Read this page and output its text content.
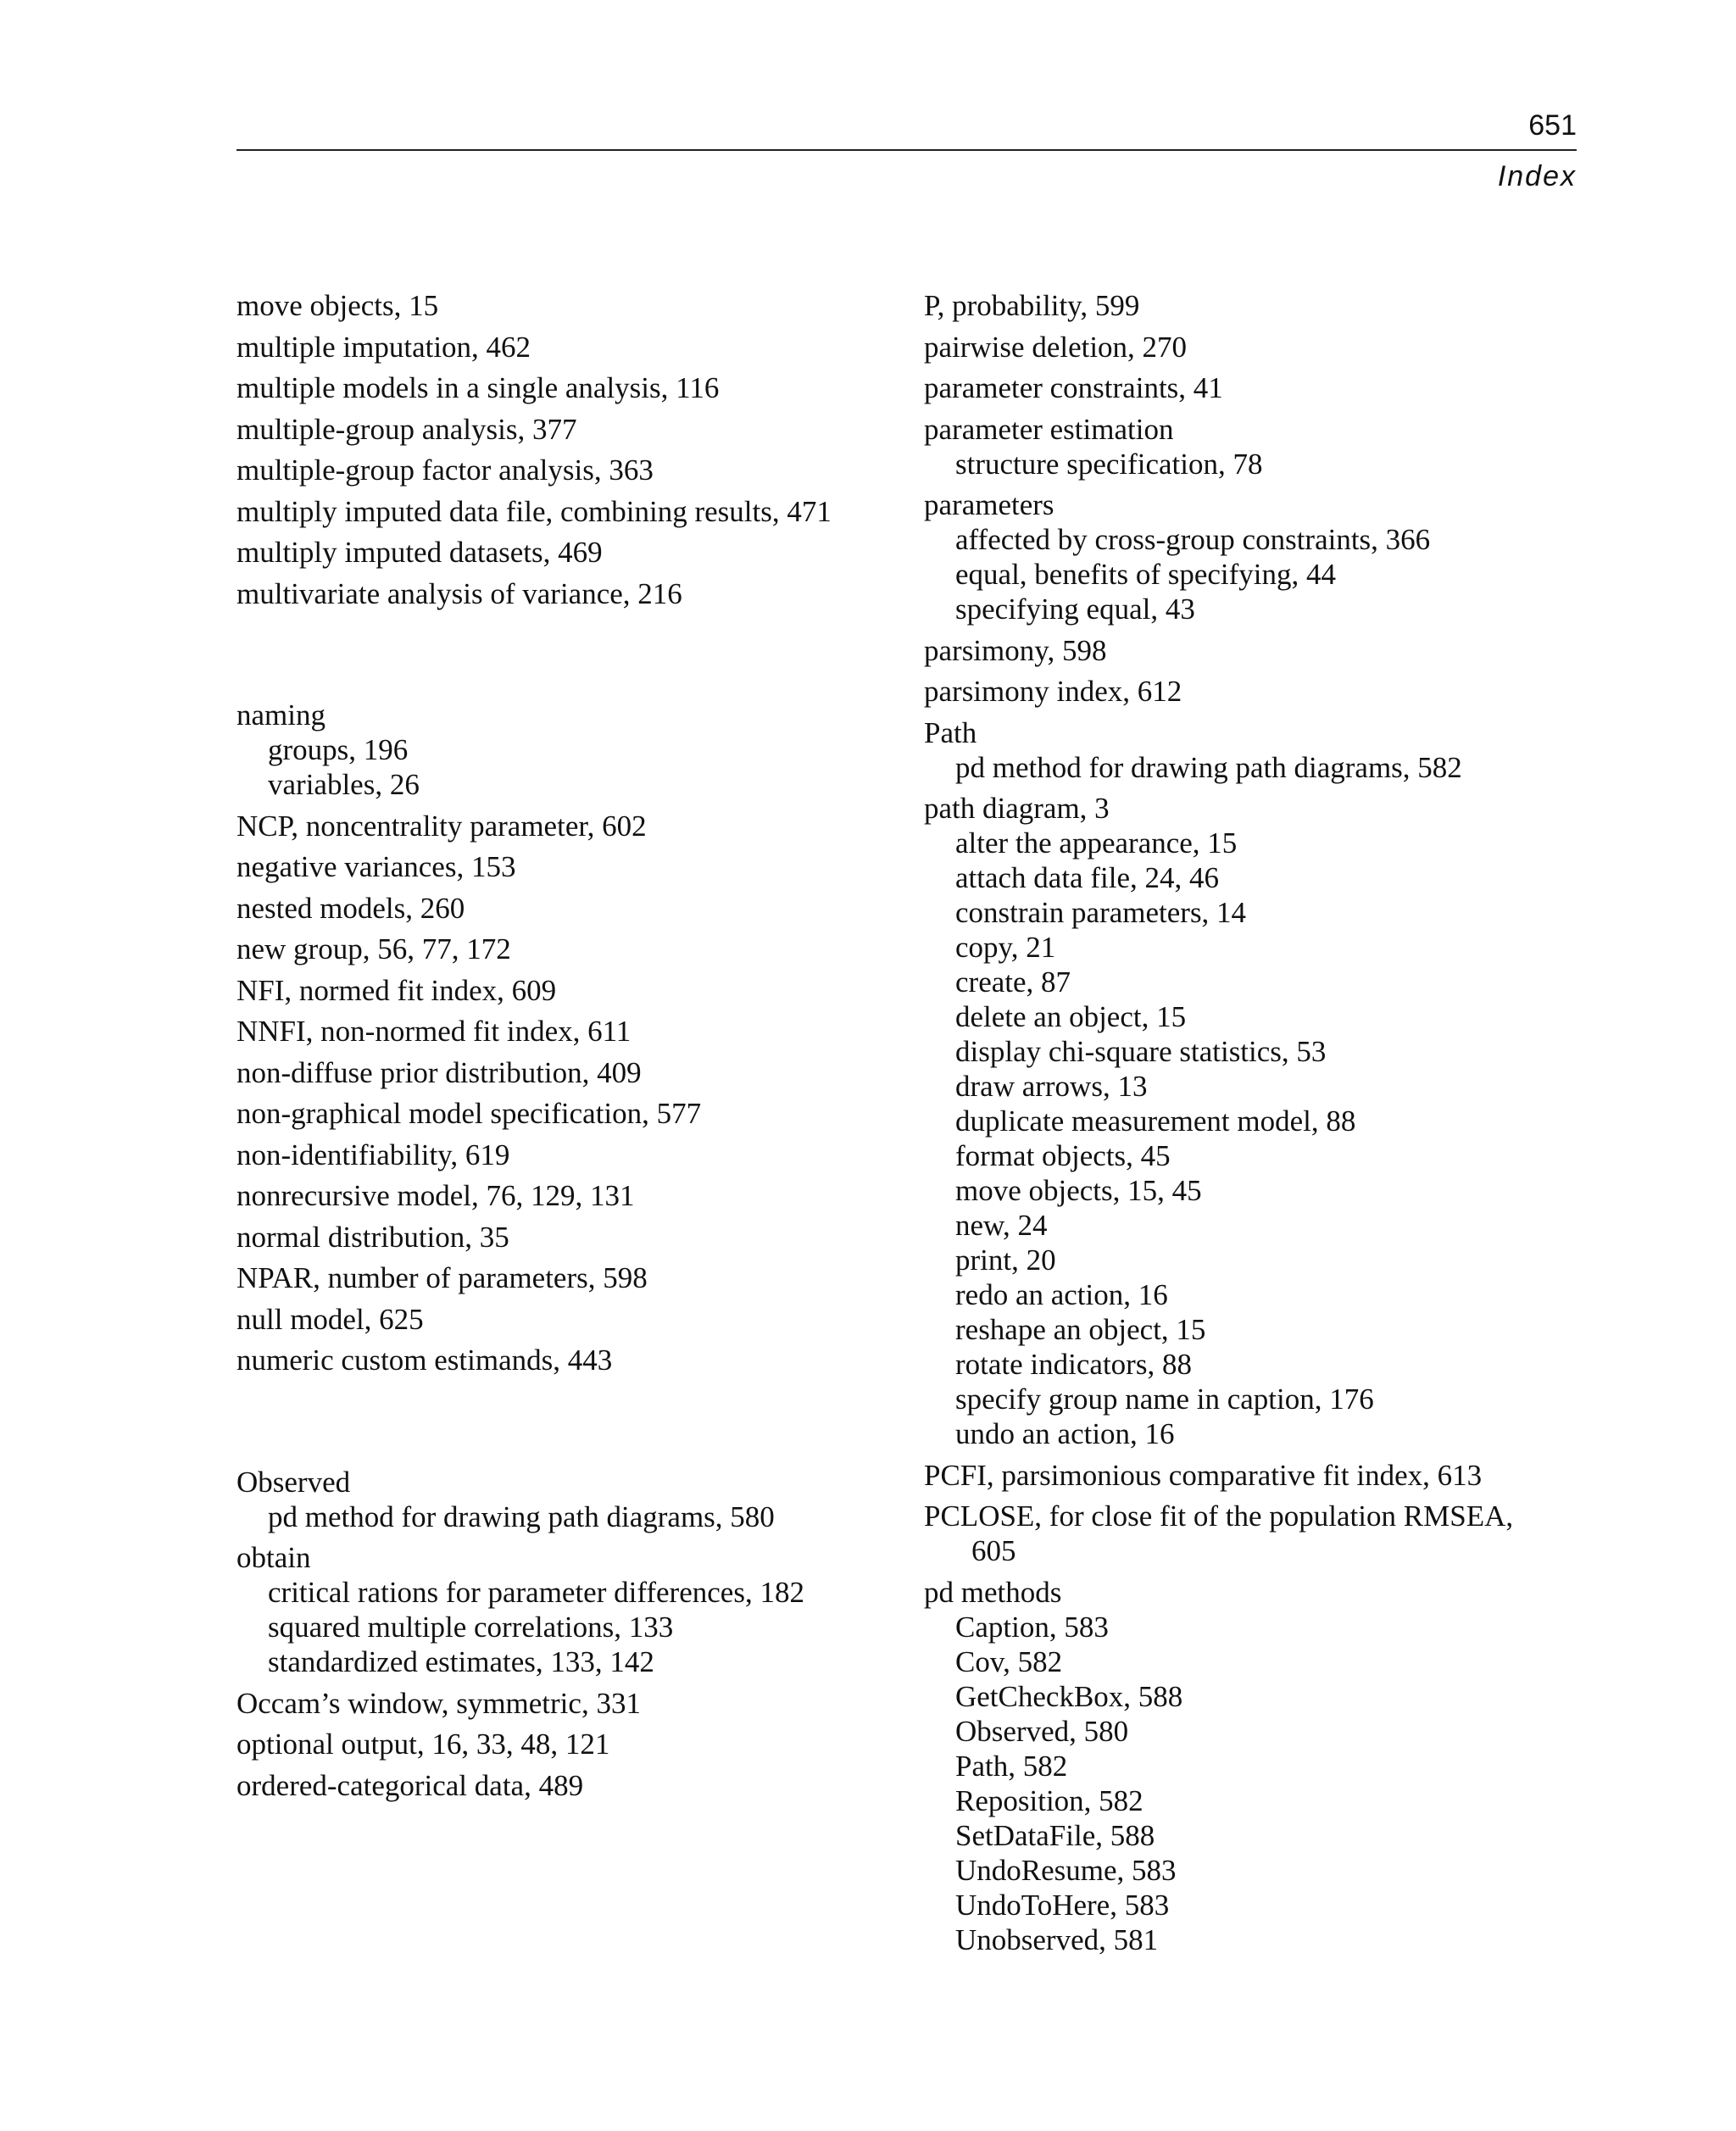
651
Index
move objects, 15
multiple imputation, 462
multiple models in a single analysis, 116
multiple-group analysis, 377
multiple-group factor analysis, 363
multiply imputed data file, combining results, 471
multiply imputed datasets, 469
multivariate analysis of variance, 216
naming
groups, 196
variables, 26
NCP, noncentrality parameter, 602
negative variances, 153
nested models, 260
new group, 56, 77, 172
NFI, normed fit index, 609
NNFI, non-normed fit index, 611
non-diffuse prior distribution, 409
non-graphical model specification, 577
non-identifiability, 619
nonrecursive model, 76, 129, 131
normal distribution, 35
NPAR, number of parameters, 598
null model, 625
numeric custom estimands, 443
Observed
pd method for drawing path diagrams, 580
obtain
critical rations for parameter differences, 182
squared multiple correlations, 133
standardized estimates, 133, 142
Occam’s window, symmetric, 331
optional output, 16, 33, 48, 121
ordered-categorical data, 489
P, probability, 599
pairwise deletion, 270
parameter constraints, 41
parameter estimation
structure specification, 78
parameters
affected by cross-group constraints, 366
equal, benefits of specifying, 44
specifying equal, 43
parsimony, 598
parsimony index, 612
Path
pd method for drawing path diagrams, 582
path diagram, 3
alter the appearance, 15
attach data file, 24, 46
constrain parameters, 14
copy, 21
create, 87
delete an object, 15
display chi-square statistics, 53
draw arrows, 13
duplicate measurement model, 88
format objects, 45
move objects, 15, 45
new, 24
print, 20
redo an action, 16
reshape an object, 15
rotate indicators, 88
specify group name in caption, 176
undo an action, 16
PCFI, parsimonious comparative fit index, 613
PCLOSE, for close fit of the population RMSEA,
605
pd methods
Caption, 583
Cov, 582
GetCheckBox, 588
Observed, 580
Path, 582
Reposition, 582
SetDataFile, 588
UndoResume, 583
UndoToHere, 583
Unobserved, 581
